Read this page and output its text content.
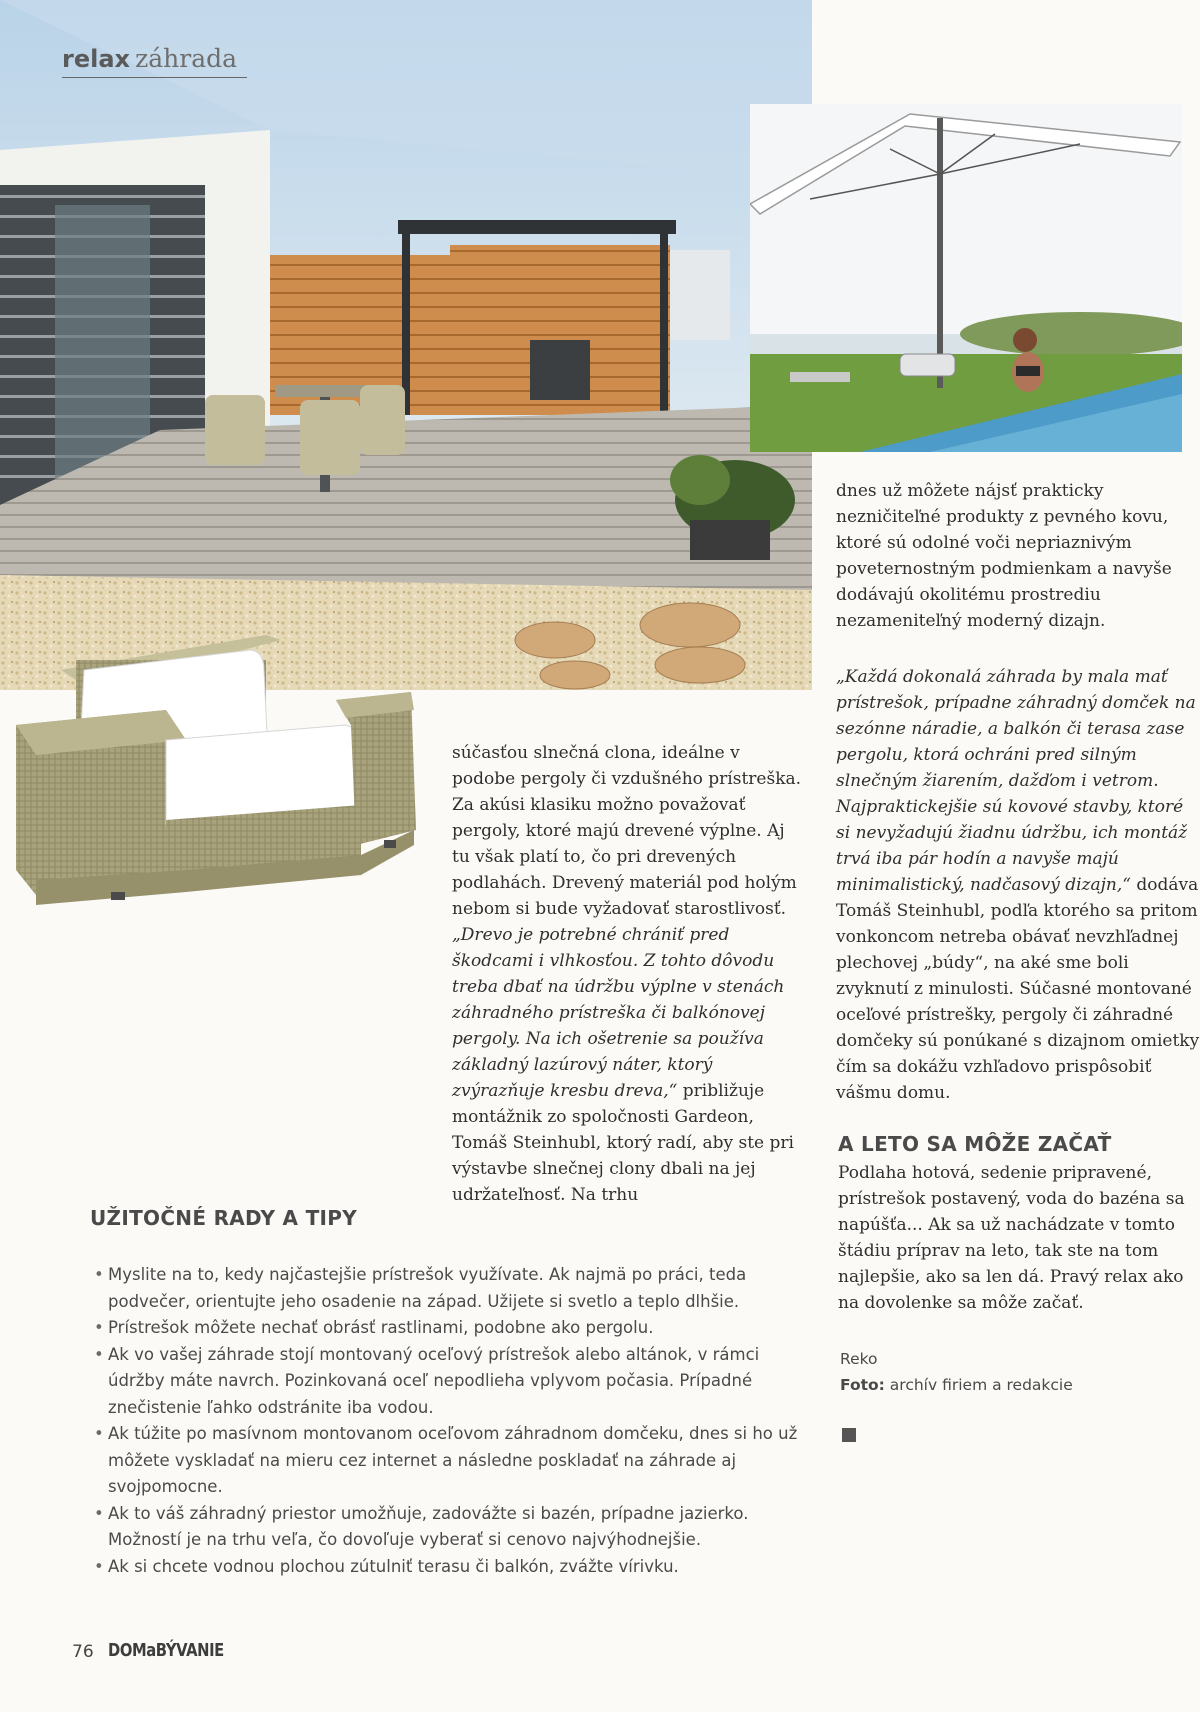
relax záhrada

dnes už môžete nájsť prakticky nezničiteľné produkty z pevného kovu, ktoré sú odolné voči nepriaznivým poveternostným podmienkam a navyše dodávajú okolitému prostrediu nezameniteľný moderný dizajn.

„Každá dokonalá záhrada by mala mať prístrešok, prípadne záhradný domček na sezónne náradie, a balkón či terasa zase pergolu, ktorá ochráni pred silným slnečným žiarením, dažďom i vetrom. Najpraktickejšie sú kovové stavby, ktoré si nevyžadujú žiadnu údržbu, ich montáž trvá iba pár hodín a navyše majú minimalistický, nadčasový dizajn,“ dodáva Tomáš Steinhubl, podľa ktorého sa pritom vonkoncom netreba obávať nevzhľadnej plechovej „búdy“, na aké sme boli zvyknutí z minulosti. Súčasné montované oceľové prístrešky, pergoly či záhradné domčeky sú ponúkané s dizajnom omietky čím sa dokážu vzhľadovo prispôsobiť vášmu domu.

súčasťou slnečná clona, ideálne v podobe pergoly či vzdušného prístreška. Za akúsi klasiku možno považovať pergoly, ktoré majú drevené výplne. Aj tu však platí to, čo pri drevených podlahách. Drevený materiál pod holým nebom si bude vyžadovať starostlivosť. „Drevo je potrebné chrániť pred škodcami i vlhkosťou. Z tohto dôvodu treba dbať na údržbu výplne v stenách záhradného prístreška či balkónovej pergoly. Na ich ošetrenie sa používa základný lazúrový náter, ktorý zvýrazňuje kresbu dreva,“ približuje montážnik zo spoločnosti Gardeon, Tomáš Steinhubl, ktorý radí, aby ste pri výstavbe slnečnej clony dbali na jej udržateľnosť. Na trhu

A LETO SA MÔŽE ZAČAŤ

Podlaha hotová, sedenie pripravené, prístrešok postavený, voda do bazéna sa napúšťa... Ak sa už nachádzate v tomto štádiu príprav na leto, tak ste na tom najlepšie, ako sa len dá. Pravý relax ako na dovolenke sa môže začať.

UŽITOČNÉ RADY A TIPY
• Myslite na to, kedy najčastejšie prístrešok využívate. Ak najmä po práci, teda podvečer, orientujte jeho osadenie na západ. Užijete si svetlo a teplo dlhšie.
• Prístrešok môžete nechať obrásť rastlinami, podobne ako pergolu.
• Ak vo vašej záhrade stojí montovaný oceľový prístrešok alebo altánok, v rámci údržby máte navrch. Pozinkovaná oceľ nepodlieha vplyvom počasia. Prípadné znečistenie ľahko odstránite iba vodou.
• Ak túžite po masívnom montovanom oceľovom záhradnom domčeku, dnes si ho už môžete vyskladať na mieru cez internet a následne poskladať na záhrade aj svojpomocne.
• Ak to váš záhradný priestor umožňuje, zadovážte si bazén, prípadne jazierko. Možností je na trhu veľa, čo dovoľuje vyberať si cenovo najvýhodnejšie.
• Ak si chcete vodnou plochou zútulniť terasu či balkón, zvážte vírivku.
Reko
Foto: archív firiem a redakcie
76 DOMaBÝVANIE
